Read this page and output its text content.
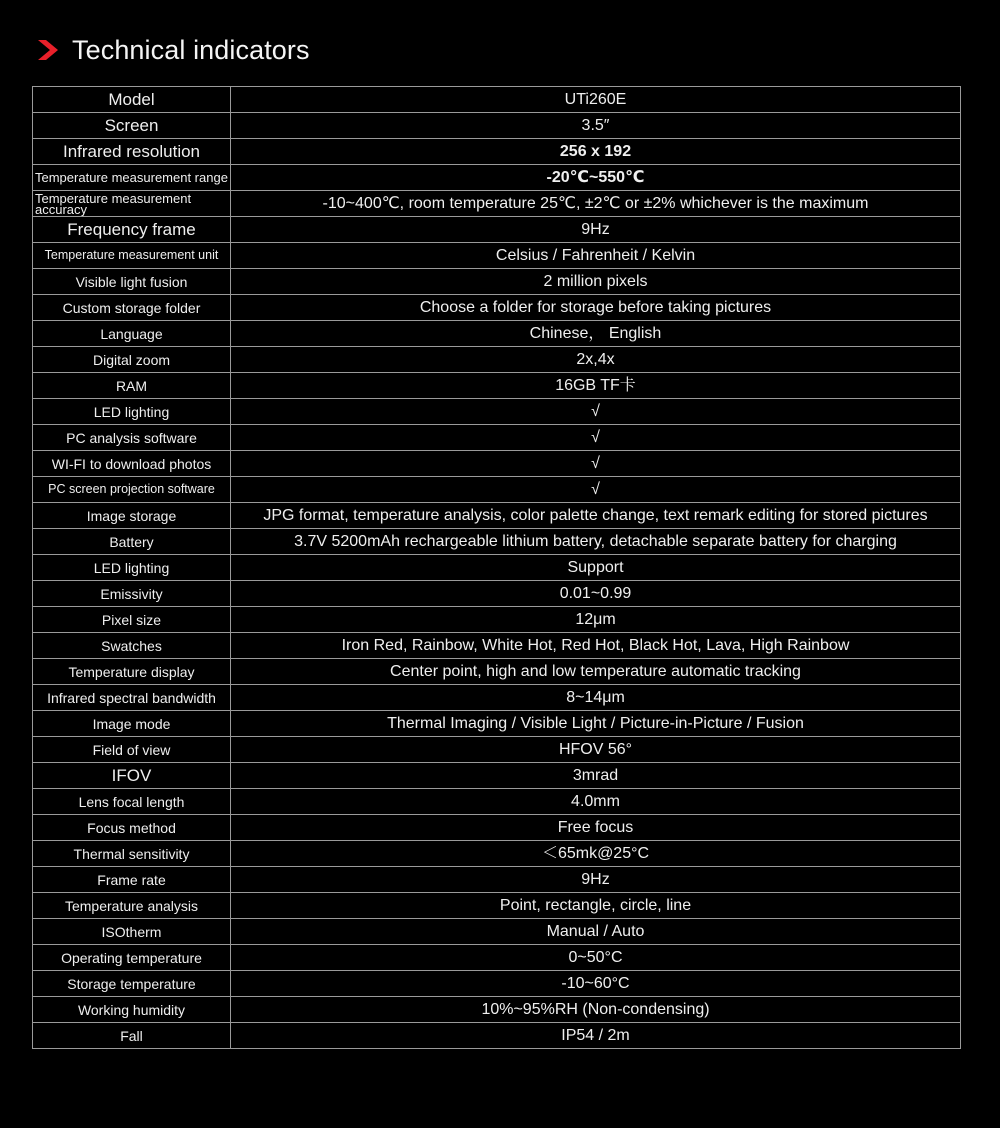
Technical indicators
Model	UTi260E
Screen	3.5″
Infrared resolution	256 x 192
Temperature measurement range	-20℃~550℃
Temperature measurement accuracy	-10~400℃, room temperature 25℃, ±2℃ or ±2% whichever is the maximum
Frequency frame	9Hz
Temperature measurement unit	Celsius / Fahrenheit / Kelvin
Visible light fusion	2 million pixels
Custom storage folder	Choose a folder for storage before taking pictures
Language	Chinese， English
Digital zoom	2x,4x
RAM	16GB TF卡
LED lighting	√
PC analysis software	√
WI-FI to download photos	√
PC screen projection software	√
Image storage	JPG format, temperature analysis, color palette change, text remark editing for stored pictures
Battery	3.7V 5200mAh rechargeable lithium battery, detachable separate battery for charging
LED lighting	Support
Emissivity	0.01~0.99
Pixel size	12μm
Swatches	Iron Red, Rainbow, White Hot, Red Hot, Black Hot, Lava, High Rainbow
Temperature display	Center point, high and low temperature automatic tracking
Infrared spectral bandwidth	8~14μm
Image mode	Thermal Imaging / Visible Light / Picture-in-Picture / Fusion
Field of view	HFOV 56°
IFOV	3mrad
Lens focal length	4.0mm
Focus method	Free focus
Thermal sensitivity	＜65mk@25°C
Frame rate	9Hz
Temperature analysis	Point, rectangle, circle, line
ISOtherm	Manual / Auto
Operating temperature	0~50°C
Storage temperature	-10~60°C
Working humidity	10%~95%RH (Non-condensing)
Fall	IP54 / 2m
